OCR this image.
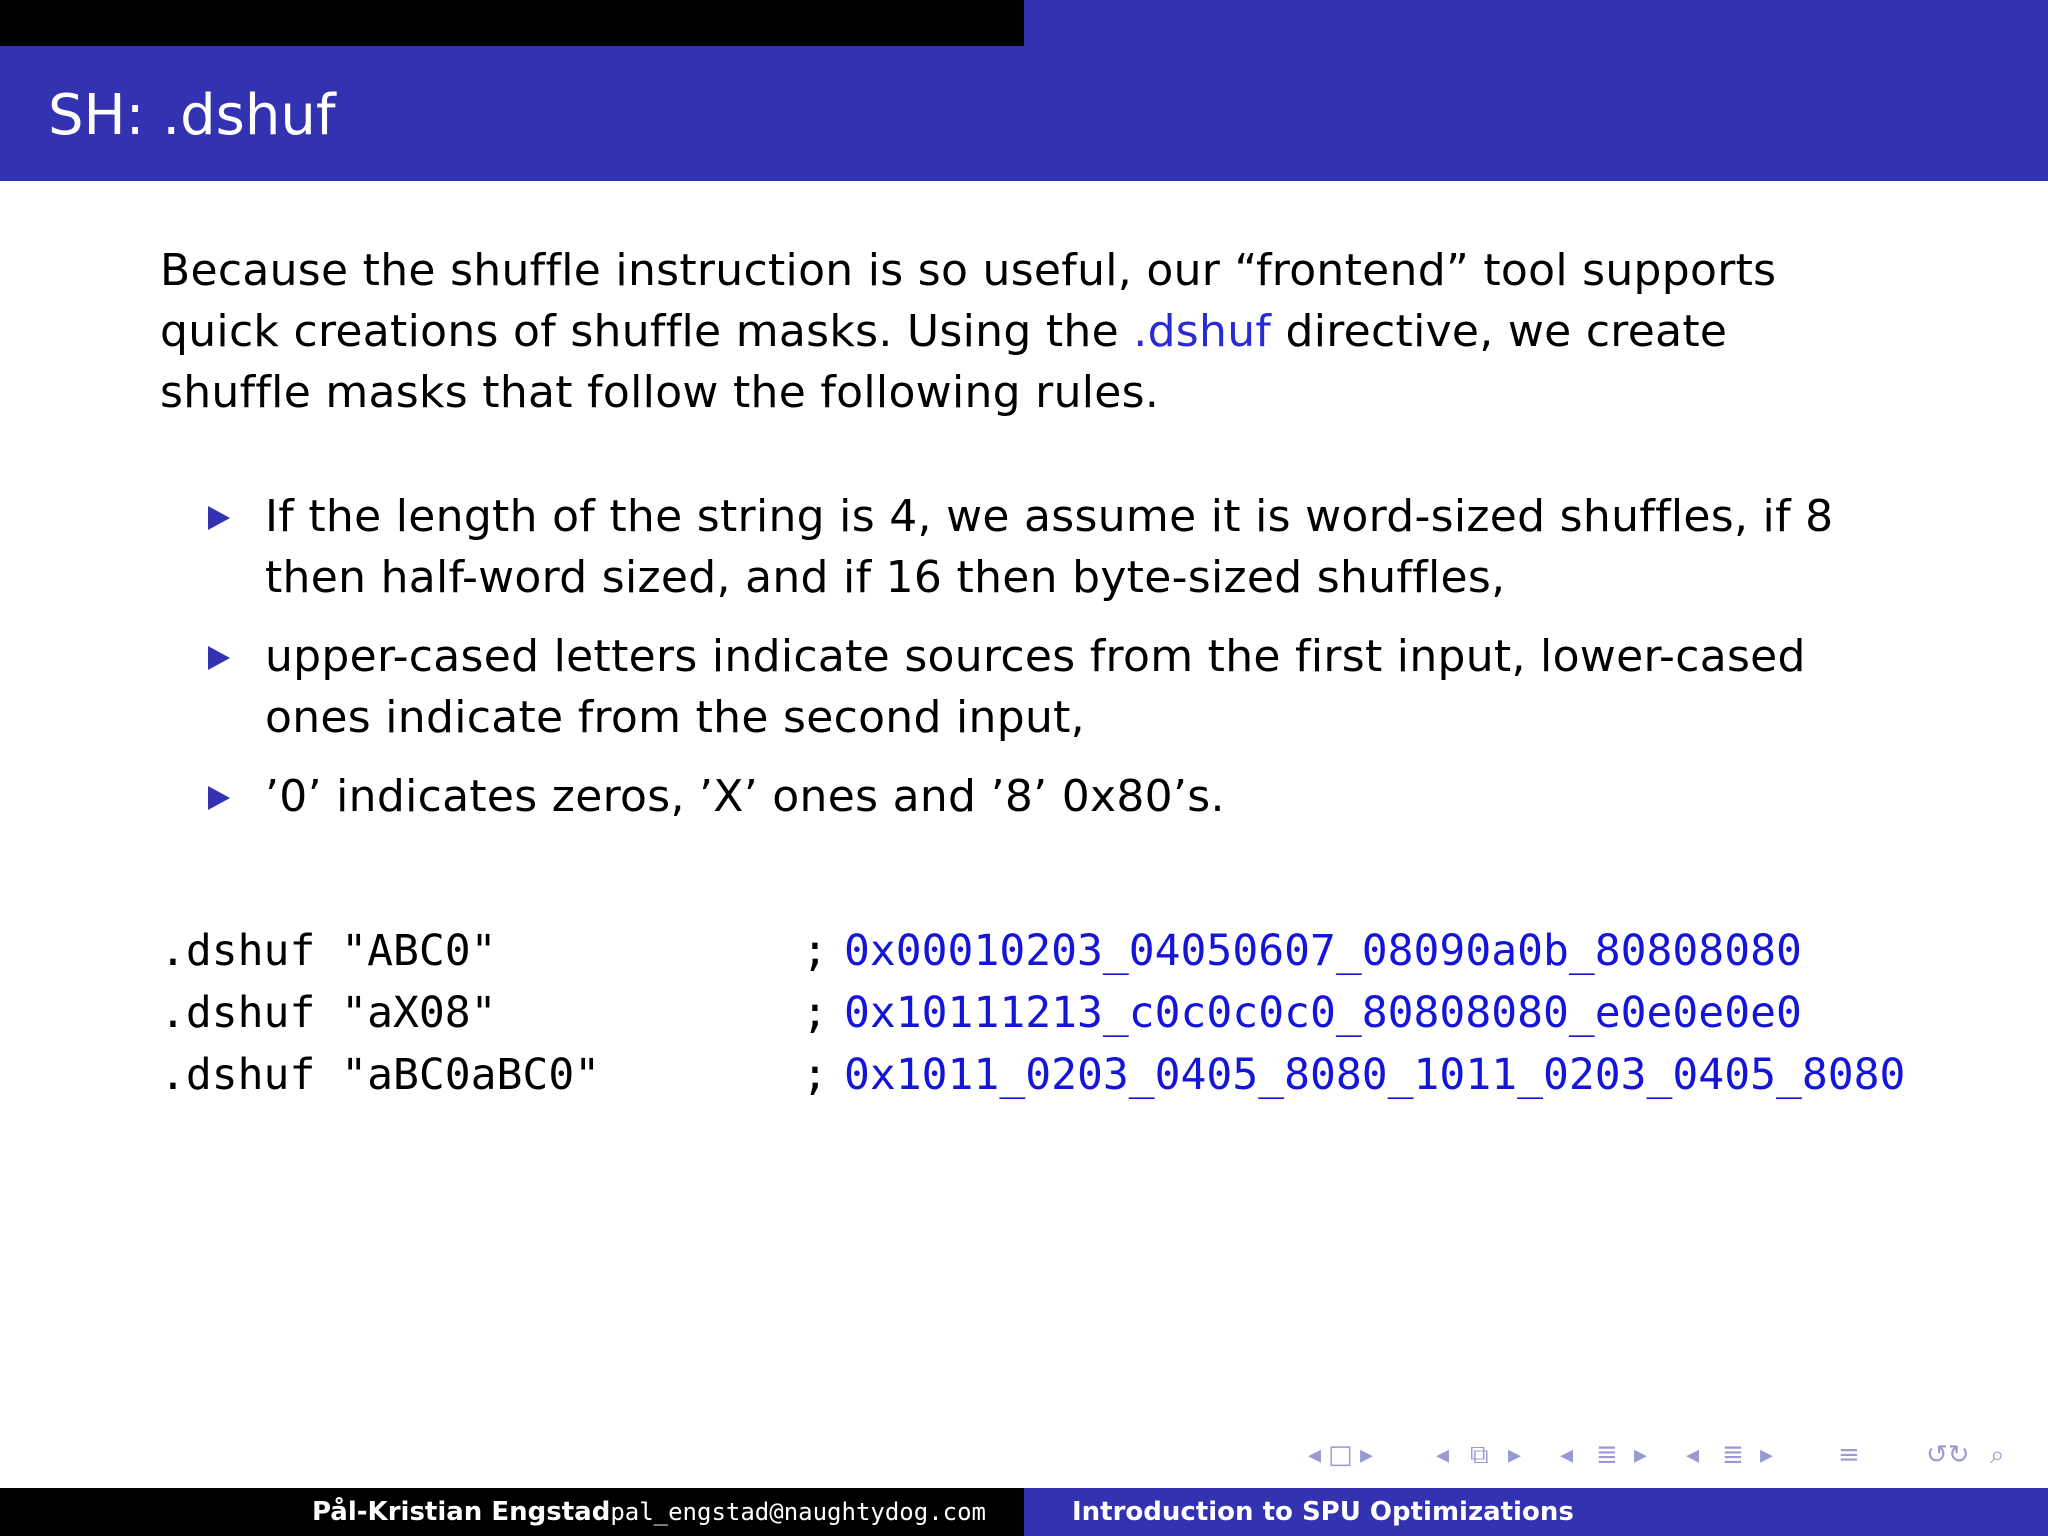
SH: .dshuf

Because the shuffle instruction is so useful, our “frontend” tool supports quick creations of shuffle masks. Using the .dshuf directive, we create shuffle masks that follow the following rules.

If the length of the string is 4, we assume it is word-sized shuffles, if 8 then half-word sized, and if 16 then byte-sized shuffles,
upper-cased letters indicate sources from the first input, lower-cased ones indicate from the second input,
’0’ indicates zeros, ’X’ ones and ’8’ 0x80’s.
.dshuf "ABC0"	; 0x00010203_04050607_08090a0b_80808080
.dshuf "aX08"	; 0x10111213_c0c0c0c0_80808080_e0e0e0e0
.dshuf "aBC0aBC0"	; 0x1011_0203_0405_8080_1011_0203_0405_8080
◂ □ ▸ ◂ ⧉ ▸ ◂ ≣ ▸ ◂ ≣ ▸ ≡	↺↻ ⌕
Pål-Kristian Engstadpal_engstad@naughtydog.com	Introduction to SPU Optimizations
